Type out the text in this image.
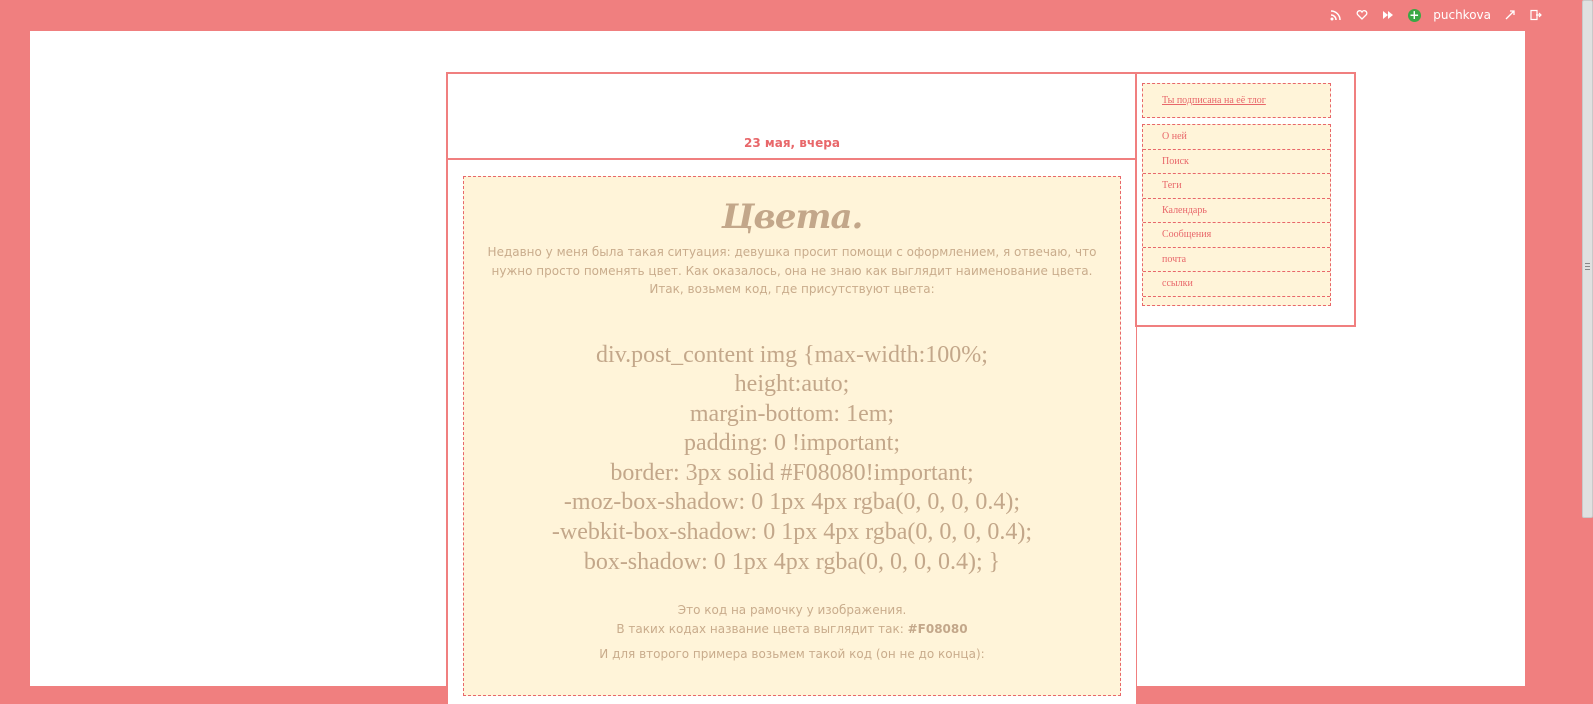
+ puchkova
23 мая, вчера
Цвета.
Недавно у меня была такая ситуация: девушка просит помощи с оформлением, я отвечаю, что нужно просто поменять цвет. Как оказалось, она не знаю как выглядит наименование цвета. Итак, возьмем код, где присутствуют цвета:
div.post_content img {max-width:100%;
height:auto;
margin-bottom: 1em;
padding: 0 !important;
border: 3px solid #F08080!important;
-moz-box-shadow: 0 1px 4px rgba(0, 0, 0, 0.4);
-webkit-box-shadow: 0 1px 4px rgba(0, 0, 0, 0.4);
box-shadow: 0 1px 4px rgba(0, 0, 0, 0.4); }
Это код на рамочку у изображения.
В таких кодах название цвета выглядит так: #F08080
И для второго примера возьмем такой код (он не до конца):
Ты подписана на её тлог
О ней
Поиск
Теги
Календарь
Сообщения
почта
ссылки
